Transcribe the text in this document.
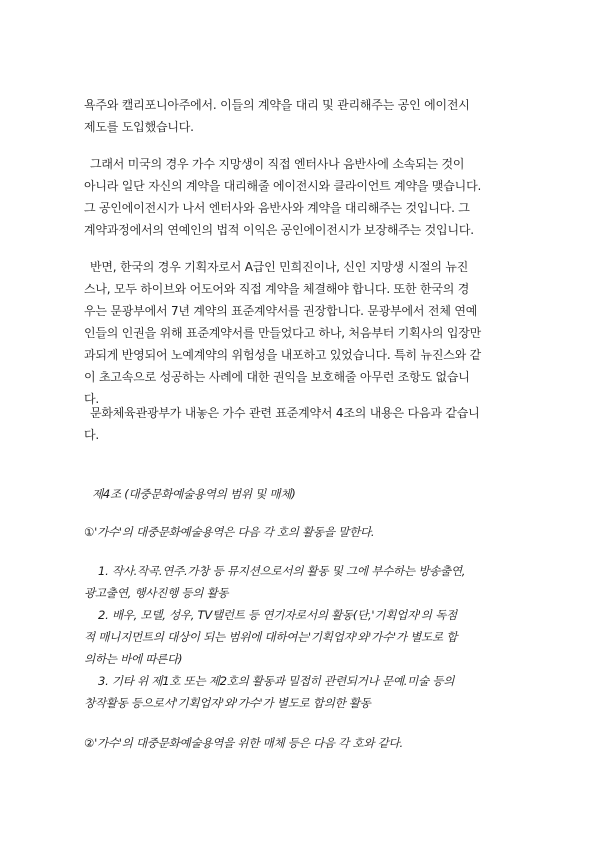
욕주와 캘리포니아주에서. 이들의 계약을 대리 및 관리해주는 공인 에이전시
제도를 도입했습니다.
그래서 미국의 경우 가수 지망생이 직접 엔터사나 음반사에 소속되는 것이
아니라 일단 자신의 계약을 대리해줄 에이전시와 클라이언트 계약을 맺습니다.
그 공인에이전시가 나서 엔터사와 음반사와 계약을 대리해주는 것입니다. 그
계약과정에서의 연예인의 법적 이익은 공인에이전시가 보장해주는 것입니다.
반면, 한국의 경우 기획자로서 A급인 민희진이나, 신인 지망생 시절의 뉴진
스나, 모두 하이브와 어도어와 직접 계약을 체결해야 합니다. 또한 한국의 경
우는 문광부에서 7년 계약의 표준계약서를 권장합니다. 문광부에서 전체 연예
인들의 인권을 위해 표준계약서를 만들었다고 하나, 처음부터 기획사의 입장만
과되게 반영되어 노예계약의 위험성을 내포하고 있었습니다. 특히 뉴진스와 같
이 초고속으로 성공하는 사례에 대한 권익을 보호해줄 아무런 조항도 없습니
다.
문화체육관광부가 내놓은 가수 관련 표준계약서 4조의 내용은 다음과 같습니
다.
제4조 (대중문화예술용역의 범위 및 매체)
①'가수'의 대중문화예술용역은 다음 각 호의 활동을 말한다.
1. 작사.작곡.연주.가창 등 뮤지션으로서의 활동 및 그에 부수하는 방송출연,
광고출연, 행사진행 등의 활동
2. 배우, 모델, 성우, TV탤런트 등 연기자로서의 활동(단,'기획업자'의 독점
적 매니지먼트의 대상이 되는 범위에 대하여는'기획업자'와'가수'가 별도로 합
의하는 바에 따른다)
3. 기타 위 제1호 또는 제2호의 활동과 밀접히 관련되거나 문예.미술 등의
창작활동 등으로서'기획업자'와'가수'가 별도로 합의한 활동
②'가수'의 대중문화예술용역을 위한 매체 등은 다음 각 호와 같다.
